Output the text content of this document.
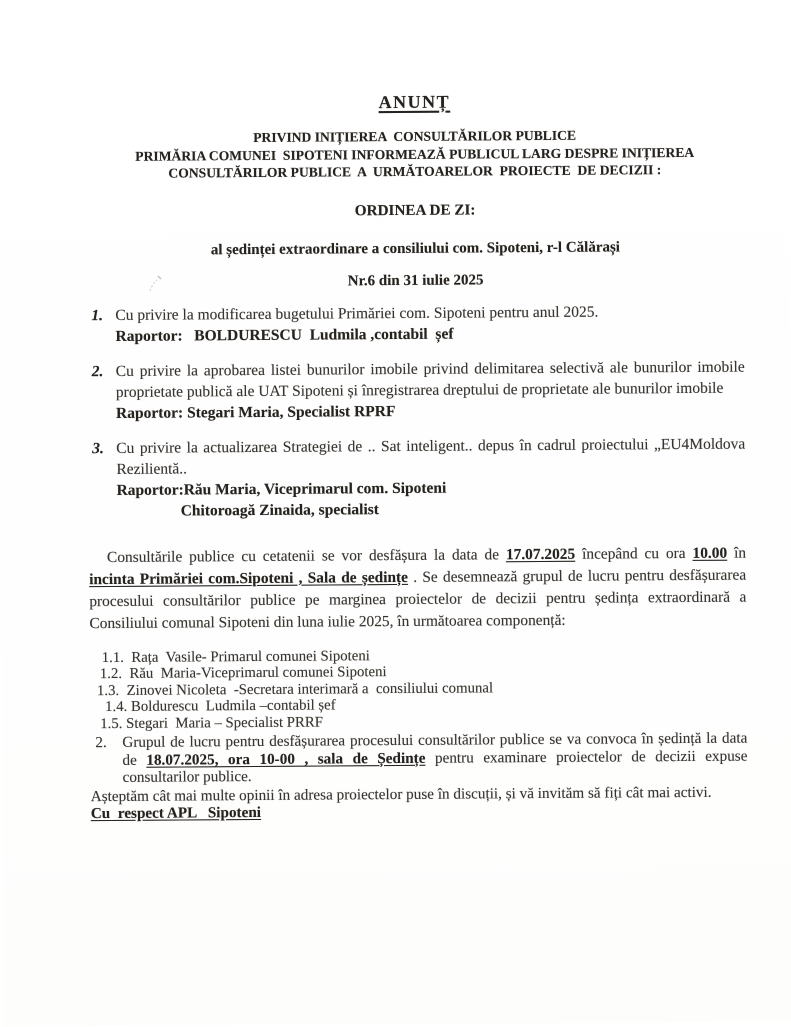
ANUNȚ
PRIVIND INIȚIEREA  CONSULTĂRILOR PUBLICE
PRIMĂRIA COMUNEI  SIPOTENI INFORMEAZĂ PUBLICUL LARG DESPRE INIȚIEREA
CONSULTĂRILOR PUBLICE  A  URMĂTOARELOR  PROIECTE  DE DECIZII :
ORDINEA DE ZI:
al ședinței extraordinare a consiliului com. Sipoteni, r-l Călărași
Nr.6 din 31 iulie 2025
1. Cu privire la modificarea bugetului Primăriei com. Sipoteni pentru anul 2025.
Raportor:   BOLDURESCU  Ludmila ,contabil  șef
2. Cu privire la aprobarea listei bunurilor imobile privind delimitarea selectivă ale bunurilor imobile proprietate publică ale UAT Sipoteni și înregistrarea dreptului de proprietate ale bunurilor imobile
Raportor: Stegari Maria, Specialist RPRF
3. Cu privire la actualizarea Strategiei de .. Sat inteligent.. depus în cadrul proiectului „EU4Moldova Rezilientă..
Raportor:Rău Maria, Viceprimarul com. Sipoteni
Chitoroagă Zinaida, specialist

Consultările publice cu cetatenii se vor desfășura la data de 17.07.2025 începând cu ora 10.00 în incinta Primăriei com.Sipoteni , Sala de ședințe . Se desemnează grupul de lucru pentru desfășurarea procesului consultărilor publice pe marginea proiectelor de decizii pentru ședința extraordinară a Consiliului comunal Sipoteni din luna iulie 2025, în următoarea componență:

1.1.  Rața  Vasile- Primarul comunei Sipoteni
1.2.  Rău  Maria-Viceprimarul comunei Sipoteni
1.3.  Zinovei Nicoleta  -Secretara interimară a  consiliului comunal
1.4. Boldurescu  Ludmila –contabil șef
1.5. Stegari  Maria – Specialist PRRF
2.	Grupul de lucru pentru desfășurarea procesului consultărilor publice se va convoca în ședință la data de 18.07.2025, ora 10-00 , sala de Ședințe pentru examinare proiectelor de decizii expuse consultarilor publice.
Așteptăm cât mai multe opinii în adresa proiectelor puse în discuții, și vă invităm să fiți cât mai activi.
Cu  respect APL   Sipoteni
